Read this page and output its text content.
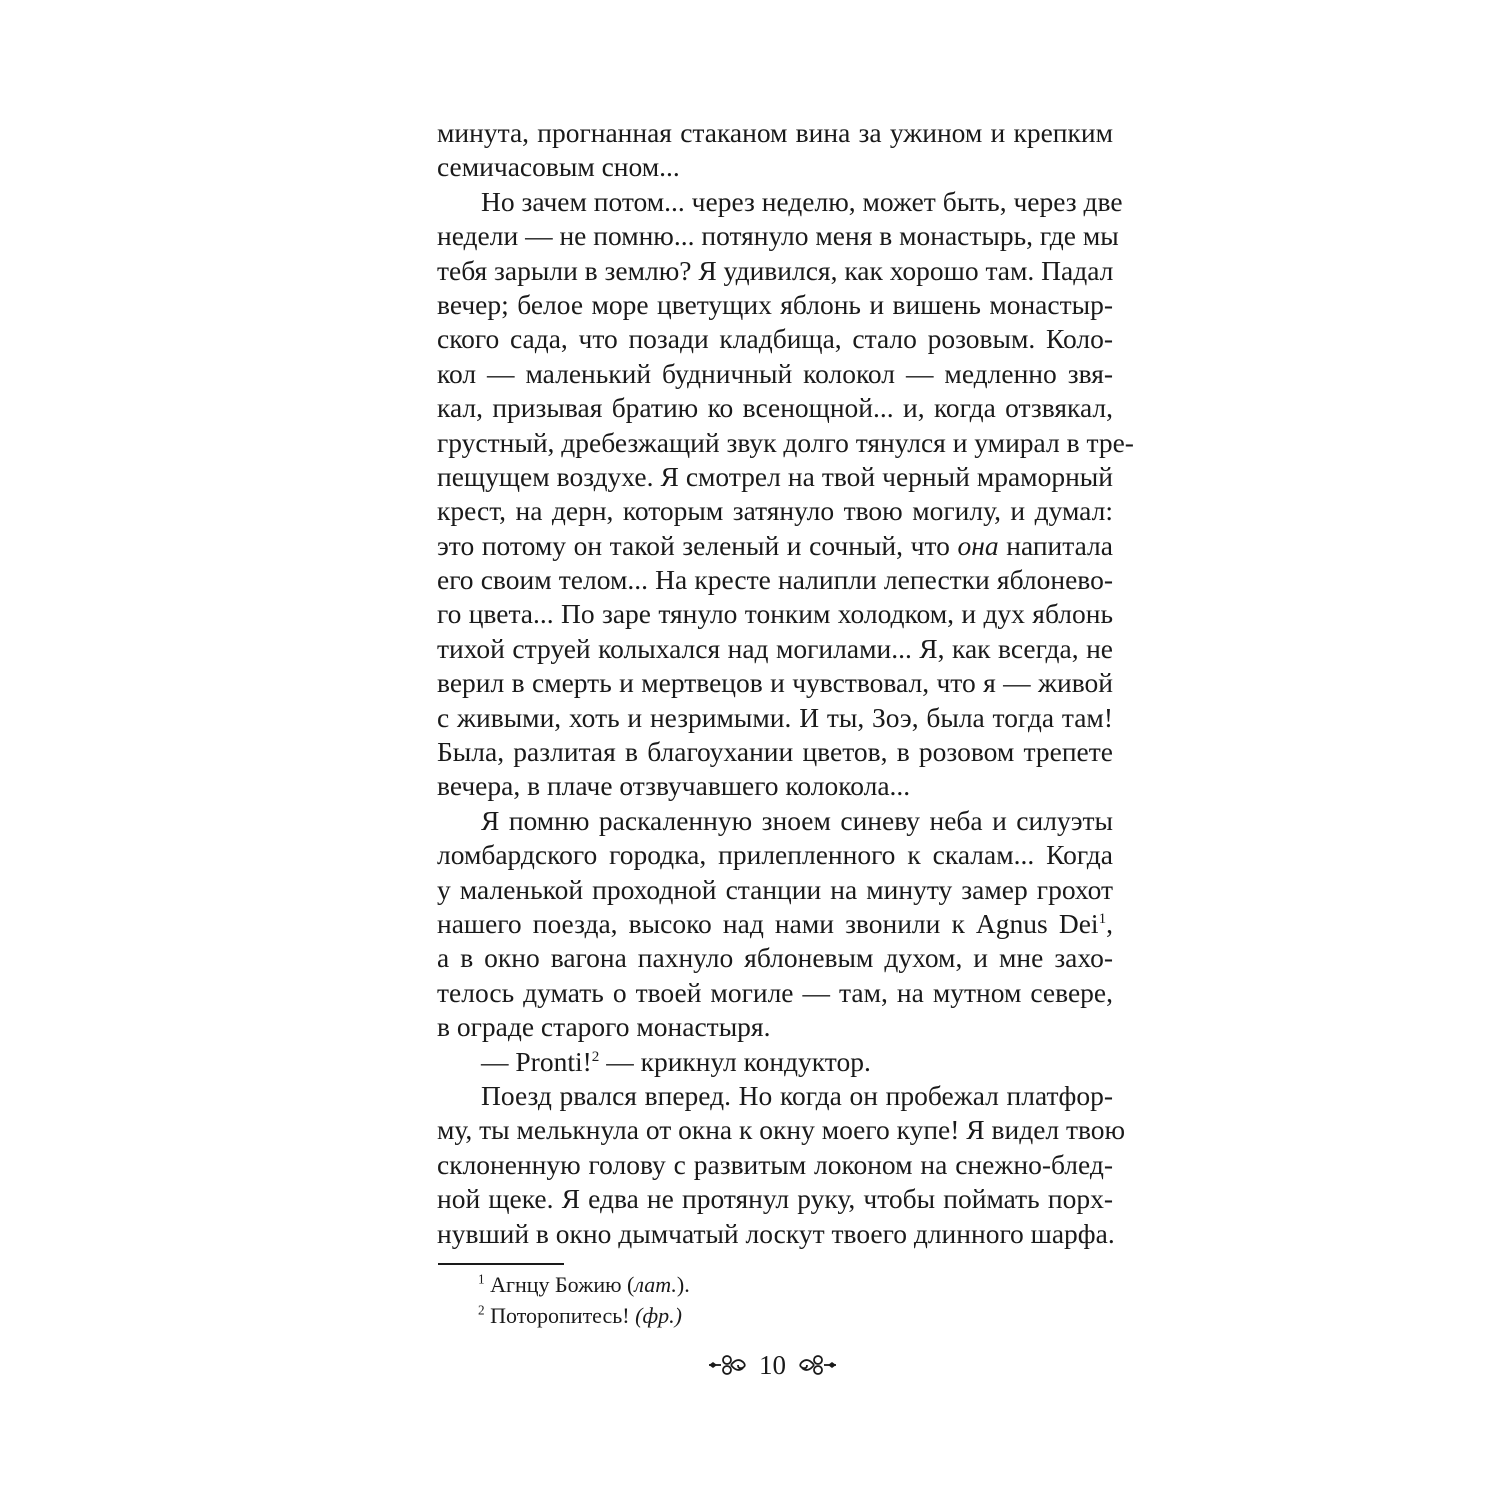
минута, прогнанная стаканом вина за ужином и крепким
семичасовым сном...
Но зачем потом... через неделю, может быть, через две
недели — не помню... потянуло меня в монастырь, где мы
тебя зарыли в землю? Я удивился, как хорошо там. Падал
вечер; белое море цветущих яблонь и вишень монастыр-
ского сада, что позади кладбища, стало розовым. Коло-
кол — маленький будничный колокол — медленно звя-
кал, призывая братию ко всенощной... и, когда отзвякал,
грустный, дребезжащий звук долго тянулся и умирал в тре-
пещущем воздухе. Я смотрел на твой черный мраморный
крест, на дерн, которым затянуло твою могилу, и думал:
это потому он такой зеленый и сочный, что она напитала
его своим телом... На кресте налипли лепестки яблонево-
го цвета... По заре тянуло тонким холодком, и дух яблонь
тихой струей колыхался над могилами... Я, как всегда, не
верил в смерть и мертвецов и чувствовал, что я — живой
с живыми, хоть и незримыми. И ты, Зоэ, была тогда там!
Была, разлитая в благоухании цветов, в розовом трепете
вечера, в плаче отзвучавшего колокола...
Я помню раскаленную зноем синеву неба и силуэты
ломбардского городка, прилепленного к скалам... Когда
у маленькой проходной станции на минуту замер грохот
нашего поезда, высоко над нами звонили к Agnus Dei$^1$,
а в окно вагона пахнуло яблоневым духом, и мне захо-
телось думать о твоей могиле — там, на мутном севере,
в ограде старого монастыря.
— Pronti!$^2$ — крикнул кондуктор.
Поезд рвался вперед. Но когда он пробежал платфор-
му, ты мелькнула от окна к окну моего купе! Я видел твою
склоненную голову с развитым локоном на снежно-блед-
ной щеке. Я едва не протянул руку, чтобы поймать порх-
нувший в окно дымчатый лоскут твоего длинного шарфа.
$^1$ Агнцу Божию (лат.).
$^2$ Поторопитесь! (фр.)
10
